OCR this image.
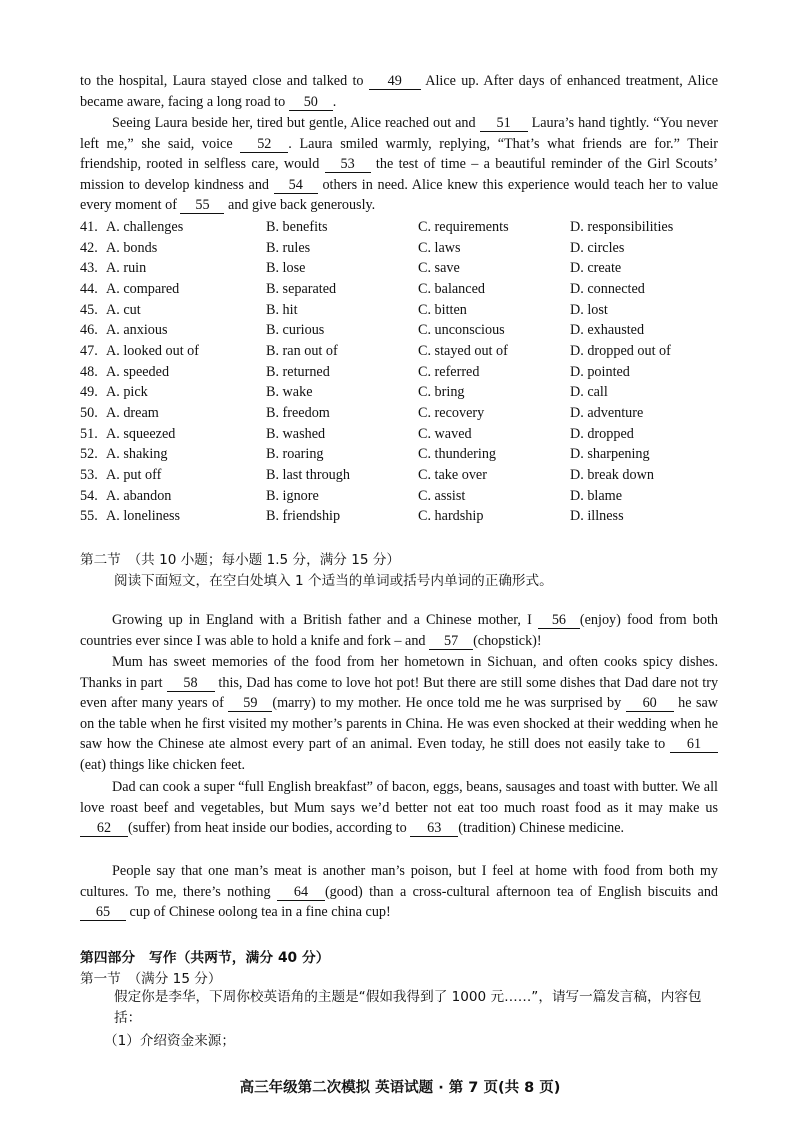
to the hospital, Laura stayed close and talked to 49 Alice up. After days of enhanced treatment, Alice became aware, facing a long road to 50 .

Seeing Laura beside her, tired but gentle, Alice reached out and 51 Laura’s hand tightly. “You never left me,” she said, voice 52 . Laura smiled warmly, replying, “That’s what friends are for.” Their friendship, rooted in selfless care, would 53 the test of time – a beautiful reminder of the Girl Scouts’ mission to develop kindness and 54 others in need. Alice knew this experience would teach her to value every moment of 55 and give back generously.

41.	A. challenges	B. benefits	C. requirements	D. responsibilities
42.	A. bonds	B. rules	C. laws	D. circles
43.	A. ruin	B. lose	C. save	D. create
44.	A. compared	B. separated	C. balanced	D. connected
45.	A. cut	B. hit	C. bitten	D. lost
46.	A. anxious	B. curious	C. unconscious	D. exhausted
47.	A. looked out of	B. ran out of	C. stayed out of	D. dropped out of
48.	A. speeded	B. returned	C. referred	D. pointed
49.	A. pick	B. wake	C. bring	D. call
50.	A. dream	B. freedom	C. recovery	D. adventure
51.	A. squeezed	B. washed	C. waved	D. dropped
52.	A. shaking	B. roaring	C. thundering	D. sharpening
53.	A. put off	B. last through	C. take over	D. break down
54.	A. abandon	B. ignore	C. assist	D. blame
55.	A. loneliness	B. friendship	C. hardship	D. illness
第二节　（共 10 小题；每小题 1.5 分，满分 15 分）
阅读下面短文，在空白处填入 1 个适当的单词或括号内单词的正确形式。

Growing up in England with a British father and a Chinese mother, I 56 (enjoy) food from both countries ever since I was able to hold a knife and fork – and 57 (chopstick)!

Mum has sweet memories of the food from her hometown in Sichuan, and often cooks spicy dishes. Thanks in part 58 this, Dad has come to love hot pot! But there are still some dishes that Dad dare not try even after many years of 59 (marry) to my mother. He once told me he was surprised by 60 he saw on the table when he first visited my mother’s parents in China. He was even shocked at their wedding when he saw how the Chinese ate almost every part of an animal. Even today, he still does not easily take to 61(eat) things like chicken feet.

Dad can cook a super “full English breakfast” of bacon, eggs, beans, sausages and toast with butter. We all love roast beef and vegetables, but Mum says we’d better not eat too much roast food as it may make us 62 (suffer) from heat inside our bodies, according to 63 (tradition) Chinese medicine.

People say that one man’s meat is another man’s poison, but I feel at home with food from both my cultures. To me, there’s nothing 64 (good) than a cross-cultural afternoon tea of English biscuits and 65 cup of Chinese oolong tea in a fine china cup!

第四部分　写作（共两节，满分 40 分）
第一节　（满分 15 分）
假定你是李华，下周你校英语角的主题是“假如我得到了 1000 元……”，请写一篇发言稿，内容包括：
（1）介绍资金来源；
高三年级第二次模拟 英语试题 · 第 7 页(共 8 页)
